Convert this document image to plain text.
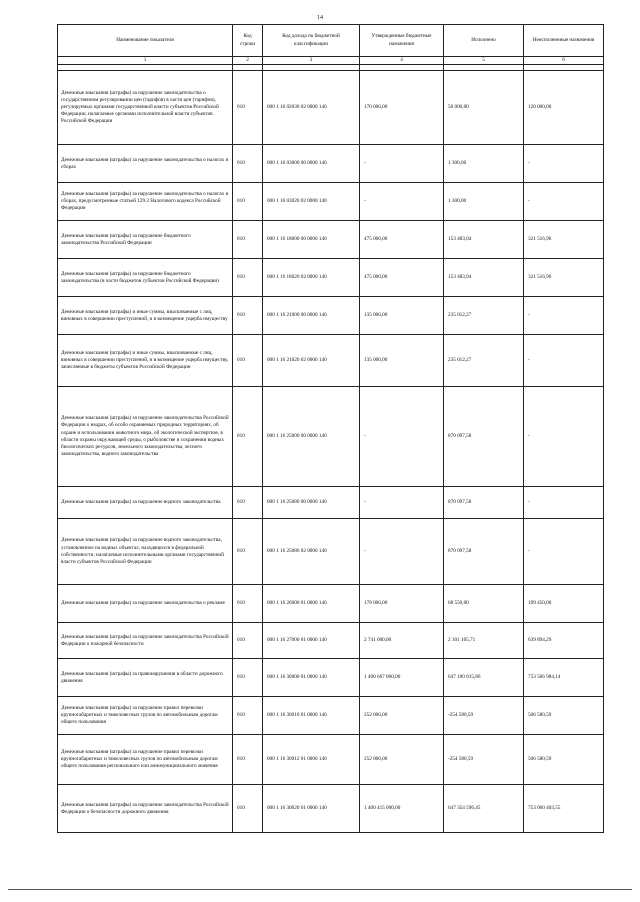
14
Наименование показателя	Код строки	Код дохода по бюджетной классификации	Утвержденные бюджетные назначения	Исполнено	Неисполненные назначения
1	2	3	4	5	6

Денежные взыскания (штрафы) за нарушение законодательства о государственном регулировании цен (тарифов) в части цен (тарифов), регулируемых органами государственной власти субъектов Российской Федерации, налагаемые органами исполнительной власти субъектов Российской Федерации	010	000 1 16 02030 02 0000 140	170 000,00	50 000,00	120 000,00
Денежные взыскания (штрафы) за нарушение законодательства о налогах и сборах	010	000 1 16 03000 00 0000 140	-	1 300,00	-
Денежные взыскания (штрафы) за нарушение законодательства о налогах и сборах, предусмотренные статьей 129.2 Налогового кодекса Российской Федерации	010	000 1 16 03020 02 0000 140	-	1 300,00	-
Денежные взыскания (штрафы) за нарушение бюджетного законодательства Российской Федерации	010	000 1 16 18000 00 0000 140	475 000,00	153 483,04	321 516,96
Денежные взыскания (штрафы) за нарушение бюджетного законодательства (в части бюджетов субъектов Российской Федерации)	010	000 1 16 18020 02 0000 140	475 000,00	153 483,04	321 516,96
Денежные взыскания (штрафы) и иные суммы, взыскиваемые с лиц, виновных в совершении преступлений, и в возмещение ущерба имуществу	010	000 1 16 21000 00 0000 140	135 000,00	235 012,27	-
Денежные взыскания (штрафы) и иные суммы, взыскиваемые с лиц, виновных в совершении преступлений, и в возмещение ущерба имуществу, зачисляемые в бюджеты субъектов Российской Федерации	010	000 1 16 21020 02 0000 140	135 000,00	235 012,27	-
Денежные взыскания (штрафы) за нарушение законодательства Российской Федерации о недрах, об особо охраняемых природных территориях, об охране и использовании животного мира, об экологической экспертизе, в области охраны окружающей среды, о рыболовстве и сохранении водных биологических ресурсов, земельного законодательства, лесного законодательства, водного законодательства	010	000 1 16 25000 00 0000 140	-	870 097,58	-
Денежные взыскания (штрафы) за нарушение водного законодательства	010	000 1 16 25080 00 0000 140	-	870 097,58	-
Денежные взыскания (штрафы) за нарушение водного законодательства, установленное на водных объектах, находящихся в федеральной собственности, налагаемые исполнительными органами государственной власти субъектов Российской Федерации	010	000 1 16 25086 02 0000 140	-	870 097,58	-
Денежные взыскания (штрафы) за нарушение законодательства о рекламе	010	000 1 16 26000 01 0000 140	178 000,00	68 550,00	109 450,00
Денежные взыскания (штрафы) за нарушение законодательства Российской Федерации о пожарной безопасности	010	000 1 16 27000 01 0000 140	2 741 000,00	2 101 105,71	639 894,29
Денежные взыскания (штрафы) за правонарушения в области дорожного движения	010	000 1 16 30000 01 0000 140	1 400 667 000,00	647 100 015,86	753 566 984,14
Денежные взыскания (штрафы) за нарушение правил перевозки крупногабаритных и тяжеловесных грузов по автомобильным дорогам общего пользования	010	000 1 16 30010 01 0000 140	252 000,00	-254 580,59	506 580,59
Денежные взыскания (штрафы) за нарушение правил перевозки крупногабаритных и тяжеловесных грузов по автомобильным дорогам общего пользования регионального или межмуниципального значения	010	000 1 16 30012 01 0000 140	252 000,00	-254 580,59	506 580,59
Денежные взыскания (штрафы) за нарушение законодательства Российской Федерации о безопасности дорожного движения	010	000 1 16 30020 01 0000 140	1 400 415 000,00	647 354 596,45	753 060 403,55
